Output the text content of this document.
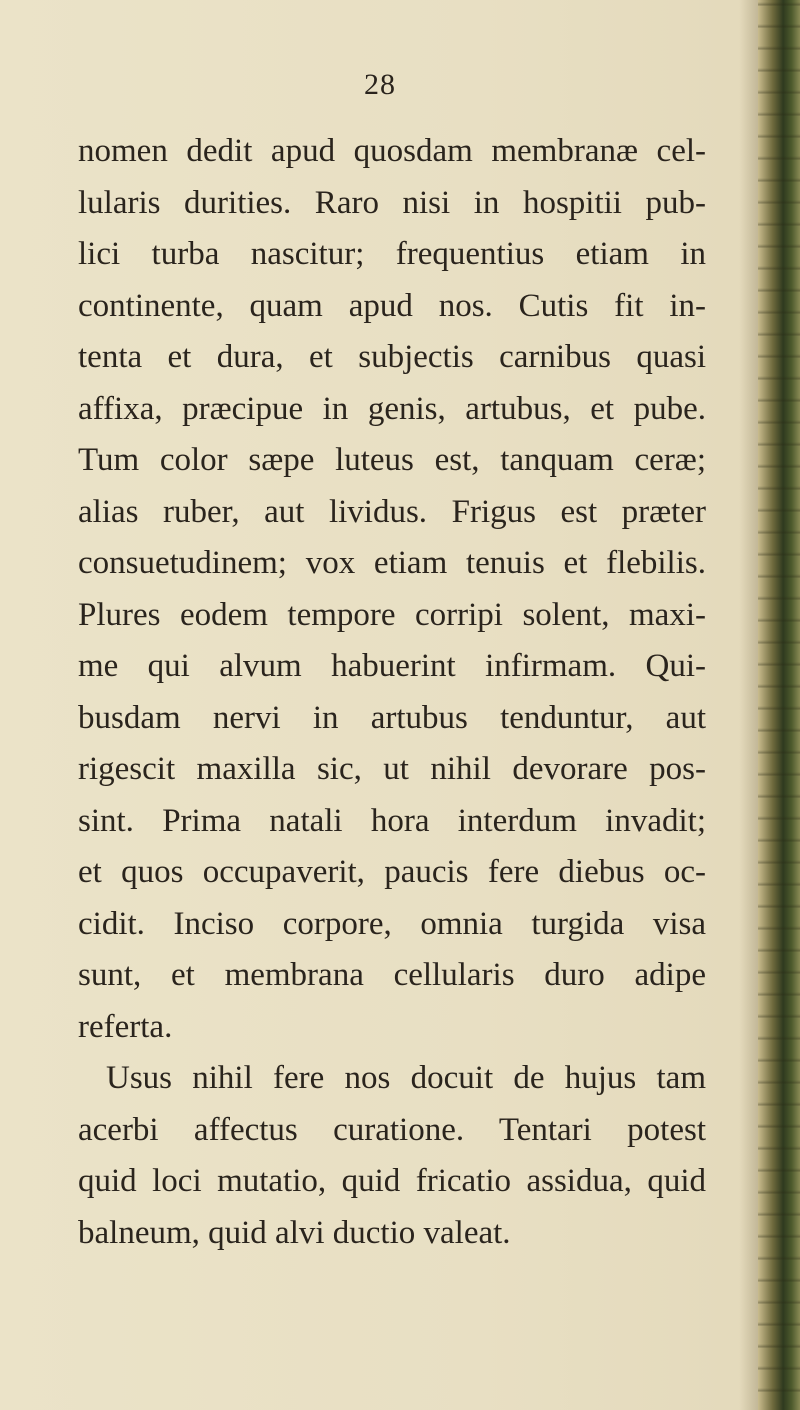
28
nomen dedit apud quosdam membranæ cel-
lularis durities. Raro nisi in hospitii pub-
lici turba nascitur; frequentius etiam in
continente, quam apud nos. Cutis fit in-
tenta et dura, et subjectis carnibus quasi
affixa, præcipue in genis, artubus, et pube.
Tum color sæpe luteus est, tanquam ceræ;
alias ruber, aut lividus. Frigus est præter
consuetudinem; vox etiam tenuis et flebilis.
Plures eodem tempore corripi solent, maxi-
me qui alvum habuerint infirmam. Qui-
busdam nervi in artubus tenduntur, aut
rigescit maxilla sic, ut nihil devorare pos-
sint. Prima natali hora interdum invadit;
et quos occupaverit, paucis fere diebus oc-
cidit. Inciso corpore, omnia turgida visa
sunt, et membrana cellularis duro adipe
referta.
Usus nihil fere nos docuit de hujus tam
acerbi affectus curatione. Tentari potest
quid loci mutatio, quid fricatio assidua, quid
balneum, quid alvi ductio valeat.
